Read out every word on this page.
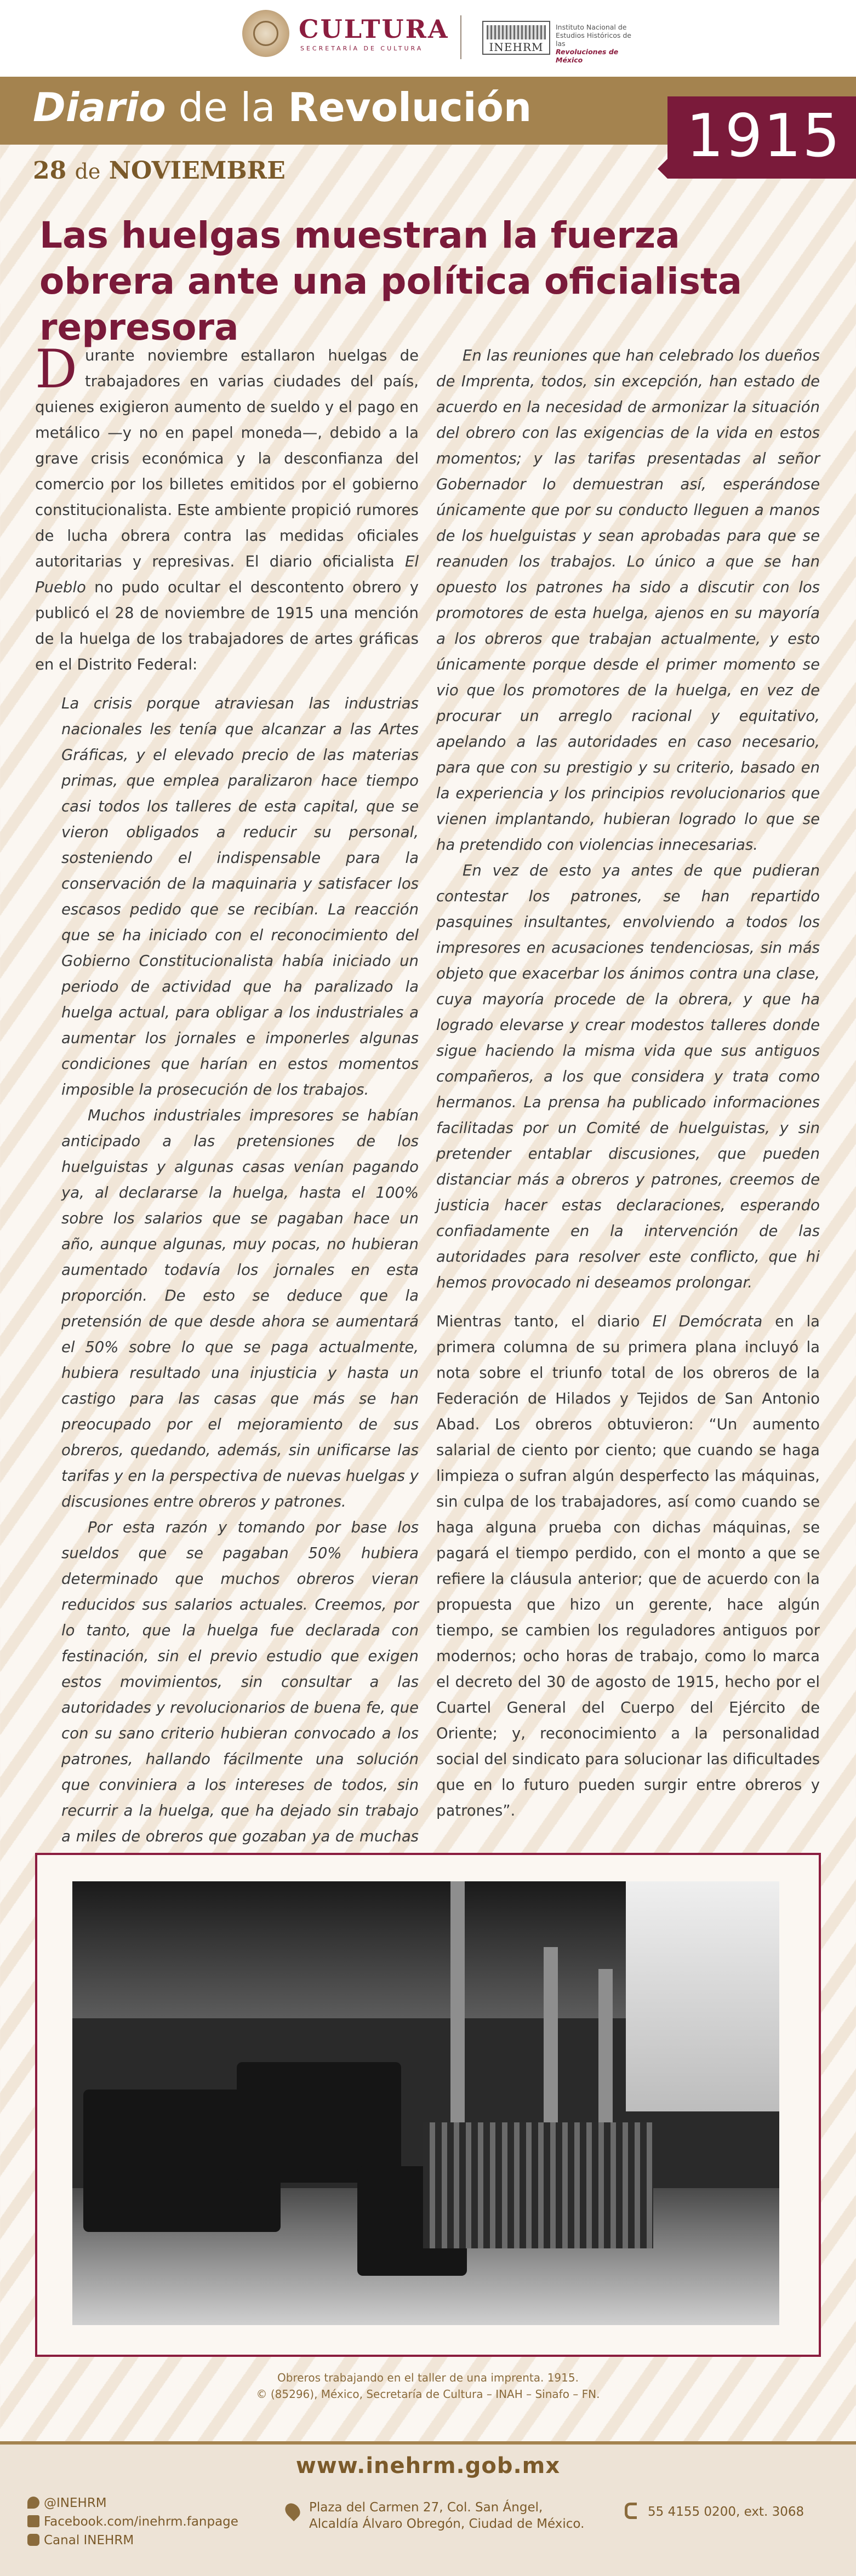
CULTURA
SECRETARÍA DE CULTURA	INEHRM
Instituto Nacional de
Estudios Históricos de las
Revoluciones de México
Diario de la Revolución	1915
28 de NOVIEMBRE
Las huelgas muestran la fuerza obrera ante una política oficialista represora

Durante noviembre estallaron huelgas de trabajadores en varias ciudades del país, quienes exigieron aumento de sueldo y el pago en metálico —y no en papel moneda—, debido a la grave crisis económica y la desconfianza del comercio por los billetes emitidos por el gobierno constitucionalista. Este ambiente propició rumores de lucha obrera contra las medidas oficiales autoritarias y represivas. El diario oficialista El Pueblo no pudo ocultar el descontento obrero y publicó el 28 de noviembre de 1915 una mención de la huelga de los trabajadores de artes gráficas en el Distrito Federal:

La crisis porque atraviesan las industrias nacionales les tenía que alcanzar a las Artes Gráficas, y el elevado precio de las materias primas, que emplea paralizaron hace tiempo casi todos los talleres de esta capital, que se vieron obligados a reducir su personal, sosteniendo el indispensable para la conservación de la maquinaria y satisfacer los escasos pedido que se recibían. La reacción que se ha iniciado con el reconocimiento del Gobierno Constitucionalista había iniciado un periodo de actividad que ha paralizado la huelga actual, para obligar a los industriales a aumentar los jornales e imponerles algunas condiciones que harían en estos momentos imposible la prosecución de los trabajos.

Muchos industriales impresores se habían anticipado a las pretensiones de los huelguistas y algunas casas venían pagando ya, al declararse la huelga, hasta el 100% sobre los salarios que se pagaban hace un año, aunque algunas, muy pocas, no hubieran aumentado todavía los jornales en esta proporción. De esto se deduce que la pretensión de que desde ahora se aumentará el 50% sobre lo que se paga actualmente, hubiera resultado una injusticia y hasta un castigo para las casas que más se han preocupado por el mejoramiento de sus obreros, quedando, además, sin unificarse las tarifas y en la perspectiva de nuevas huelgas y discusiones entre obreros y patrones.

Por esta razón y tomando por base los sueldos que se pagaban 50% hubiera determinado que muchos obreros vieran reducidos sus salarios actuales. Creemos, por lo tanto, que la huelga fue declarada con festinación, sin el previo estudio que exigen estos movimientos, sin consultar a las autoridades y revolucionarios de buena fe, que con su sano criterio hubieran convocado a los patrones, hallando fácilmente una solución que conviniera a los intereses de todos, sin recurrir a la huelga, que ha dejado sin trabajo a miles de obreros que gozaban ya de muchas

En las reuniones que han celebrado los dueños de Imprenta, todos, sin excepción, han estado de acuerdo en la necesidad de armonizar la situación del obrero con las exigencias de la vida en estos momentos; y las tarifas presentadas al señor Gobernador lo demuestran así, esperándose únicamente que por su conducto lleguen a manos de los huelguistas y sean aprobadas para que se reanuden los trabajos. Lo único a que se han opuesto los patrones ha sido a discutir con los promotores de esta huelga, ajenos en su mayoría a los obreros que trabajan actualmente, y esto únicamente porque desde el primer momento se vio que los promotores de la huelga, en vez de procurar un arreglo racional y equitativo, apelando a las autoridades en caso necesario, para que con su prestigio y su criterio, basado en la experiencia y los principios revolucionarios que vienen implantando, hubieran logrado lo que se ha pretendido con violencias innecesarias.

En vez de esto ya antes de que pudieran contestar los patrones, se han repartido pasquines insultantes, envolviendo a todos los impresores en acusaciones tendenciosas, sin más objeto que exacerbar los ánimos contra una clase, cuya mayoría procede de la obrera, y que ha logrado elevarse y crear modestos talleres donde sigue haciendo la misma vida que sus antiguos compañeros, a los que considera y trata como hermanos. La prensa ha publicado informaciones facilitadas por un Comité de huelguistas, y sin pretender entablar discusiones, que pueden distanciar más a obreros y patrones, creemos de justicia hacer estas declaraciones, esperando confiadamente en la intervención de las autoridades para resolver este conflicto, que hi hemos provocado ni deseamos prolongar.

Mientras tanto, el diario El Demócrata en la primera columna de su primera plana incluyó la nota sobre el triunfo total de los obreros de la Federación de Hilados y Tejidos de San Antonio Abad. Los obreros obtuvieron: “Un aumento salarial de ciento por ciento; que cuando se haga limpieza o sufran algún desperfecto las máquinas, sin culpa de los trabajadores, así como cuando se haga alguna prueba con dichas máquinas, se pagará el tiempo perdido, con el monto a que se refiere la cláusula anterior; que de acuerdo con la propuesta que hizo un gerente, hace algún tiempo, se cambien los reguladores antiguos por modernos; ocho horas de trabajo, como lo marca el decreto del 30 de agosto de 1915, hecho por el Cuartel General del Cuerpo del Ejército de Oriente; y, reconocimiento a la personalidad social del sindicato para solucionar las dificultades que en lo futuro pueden surgir entre obreros y patrones”.

Obreros trabajando en el taller de una imprenta. 1915.
© (85296), México, Secretaría de Cultura – INAH – Sinafo – FN.
www.inehrm.gob.mx
@INEHRM
Facebook.com/inehrm.fanpage
Canal INEHRM
Plaza del Carmen 27, Col. San Ángel,
Alcaldía Álvaro Obregón, Ciudad de México.
55 4155 0200, ext. 3068
